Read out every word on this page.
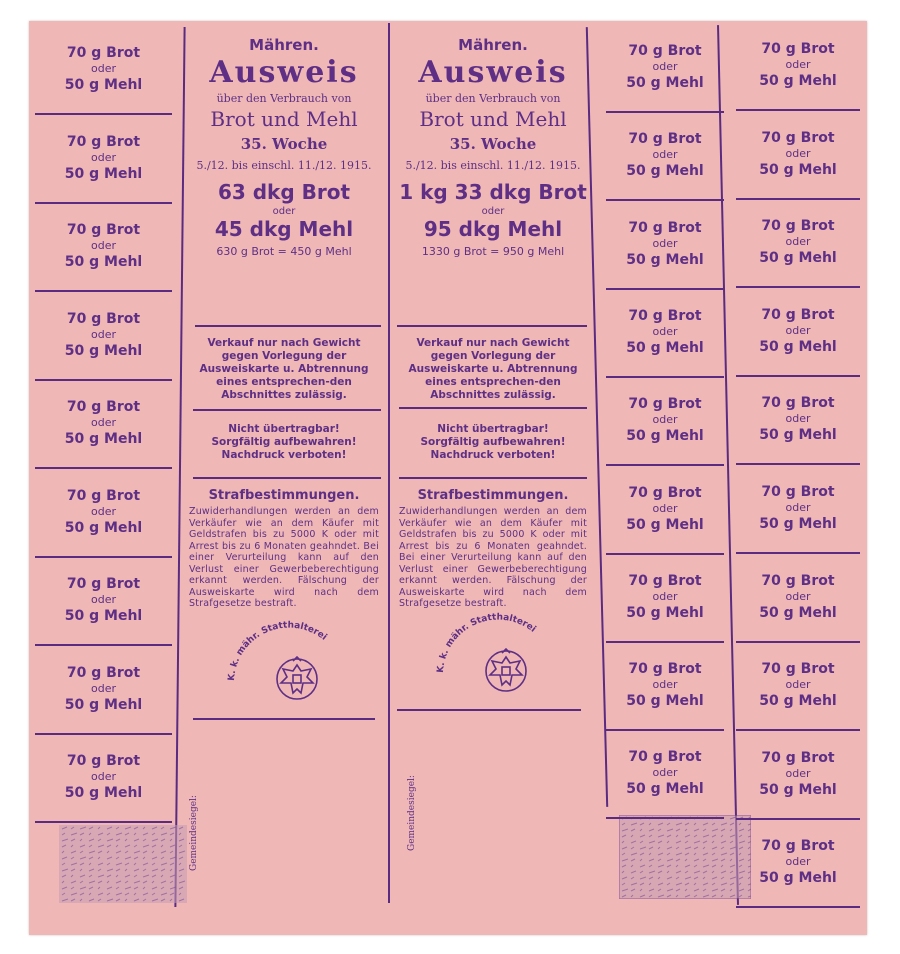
Mähren.
Ausweis
über den Verbrauch von
Brot und Mehl
35. Woche
5./12. bis einschl. 11./12. 1915.
63 dkg Brot
oder
45 dkg Mehl
630 g Brot = 450 g Mehl
Verkauf nur nach Gewicht gegen Vorlegung der Ausweiskarte u. Abtrennung eines entsprechen-den Abschnittes zulässig.
Nicht übertragbar!
Sorgfältig aufbewahren!
Nachdruck verboten!
Strafbestimmungen.
Zuwiderhandlungen werden an dem Verkäufer wie an dem Käufer mit Geldstrafen bis zu 5000 K oder mit Arrest bis zu 6 Monaten geahndet. Bei einer Verurteilung kann auf den Verlust einer Gewerbeberechtigung erkannt werden. Fälschung der Ausweiskarte wird nach dem Strafgesetze bestraft.
K. k. mähr. Statthalterei
Gemeindesiegel:
Mähren.
Ausweis
über den Verbrauch von
Brot und Mehl
35. Woche
5./12. bis einschl. 11./12. 1915.
1 kg 33 dkg Brot
oder
95 dkg Mehl
1330 g Brot = 950 g Mehl
Verkauf nur nach Gewicht gegen Vorlegung der Ausweiskarte u. Abtrennung eines entsprechen-den Abschnittes zulässig.
Nicht übertragbar!
Sorgfältig aufbewahren!
Nachdruck verboten!
Strafbestimmungen.
Zuwiderhandlungen werden an dem Verkäufer wie an dem Käufer mit Geldstrafen bis zu 5000 K oder mit Arrest bis zu 6 Monaten geahndet. Bei einer Verurteilung kann auf den Verlust einer Gewerbeberechtigung erkannt werden. Fälschung der Ausweiskarte wird nach dem Strafgesetze bestraft.
K. k. mähr. Statthalterei
Gemeindesiegel:
70 g Brot
oder
50 g Mehl
70 g Brot
oder
50 g Mehl
70 g Brot
oder
50 g Mehl
70 g Brot
oder
50 g Mehl
70 g Brot
oder
50 g Mehl
70 g Brot
oder
50 g Mehl
70 g Brot
oder
50 g Mehl
70 g Brot
oder
50 g Mehl
70 g Brot
oder
50 g Mehl
70 g Brot
oder
50 g Mehl
70 g Brot
oder
50 g Mehl
70 g Brot
oder
50 g Mehl
70 g Brot
oder
50 g Mehl
70 g Brot
oder
50 g Mehl
70 g Brot
oder
50 g Mehl
70 g Brot
oder
50 g Mehl
70 g Brot
oder
50 g Mehl
70 g Brot
oder
50 g Mehl
70 g Brot
oder
50 g Mehl
70 g Brot
oder
50 g Mehl
70 g Brot
oder
50 g Mehl
70 g Brot
oder
50 g Mehl
70 g Brot
oder
50 g Mehl
70 g Brot
oder
50 g Mehl
70 g Brot
oder
50 g Mehl
70 g Brot
oder
50 g Mehl
70 g Brot
oder
50 g Mehl
70 g Brot
oder
50 g Mehl
